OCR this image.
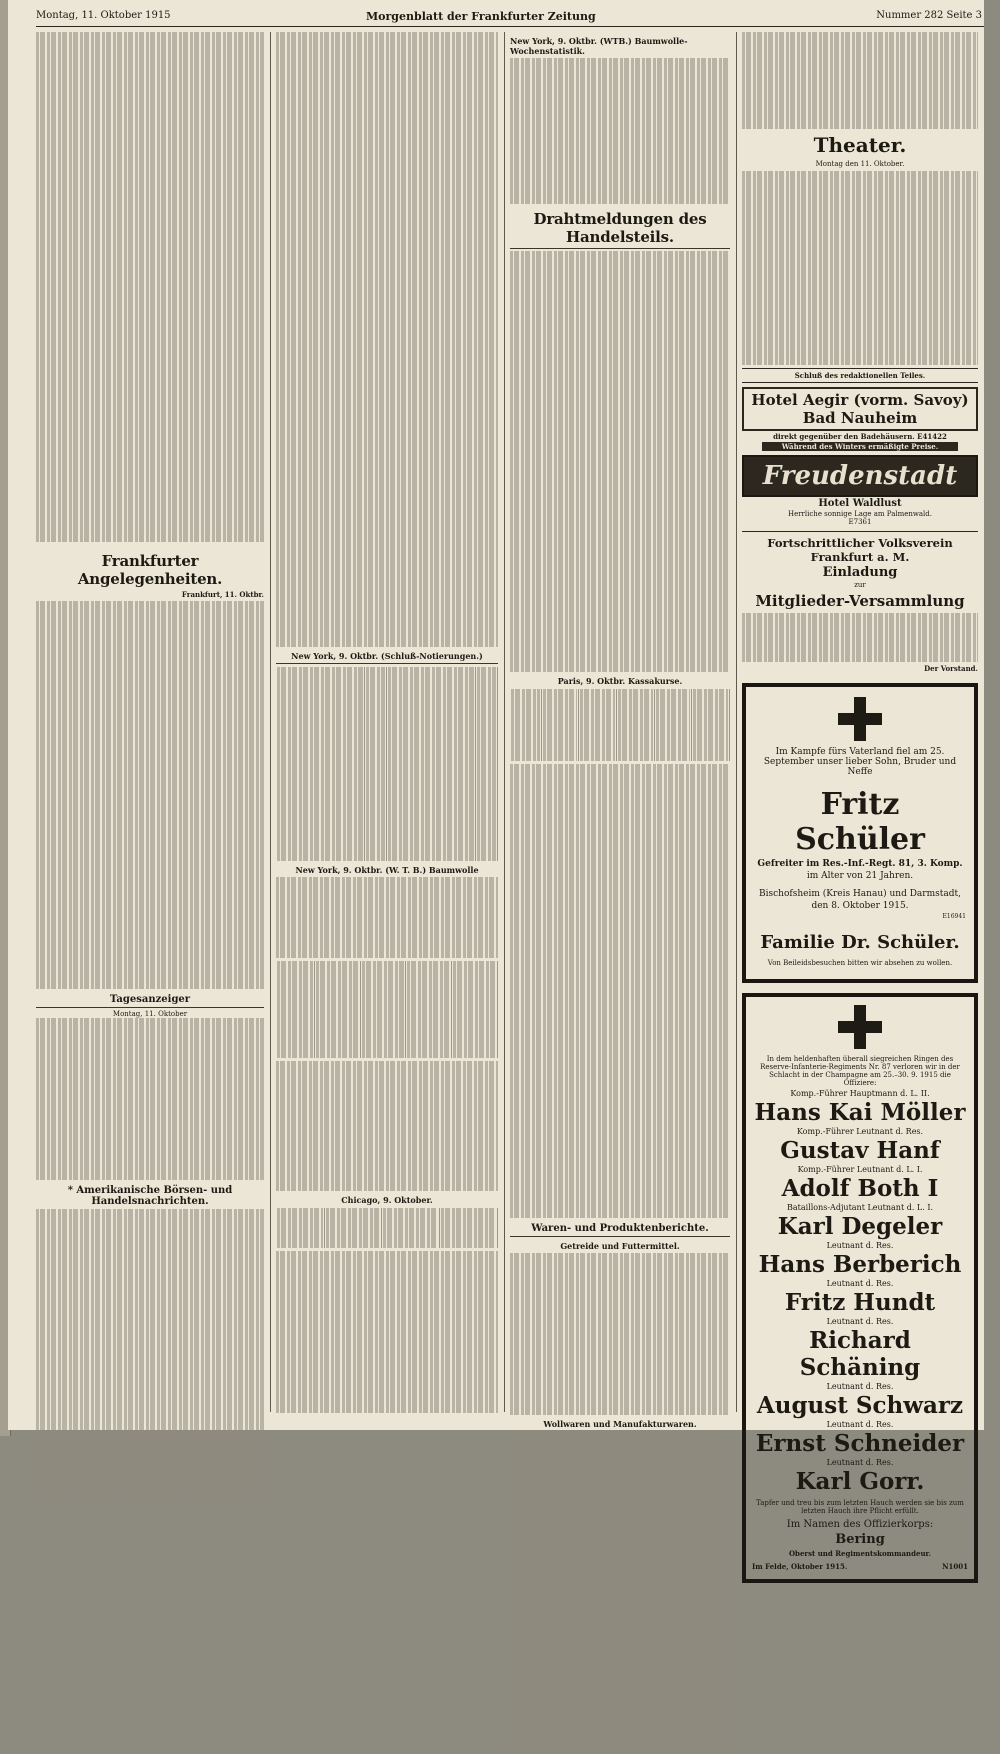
Montag, 11. Oktober 1915	Morgenblatt der Frankfurter Zeitung	Nummer 282 Seite 3
Frankfurter Angelegenheiten.
Frankfurt, 11. Oktbr.
Tagesanzeiger
Montag, 11. Oktober
* Amerikanische Börsen- und Handelsnachrichten.
New York, 9. Oktbr. (Schluß-Notierungen.)

New York, 9. Oktbr. (W. T. B.) Baumwolle

Chicago, 9. Oktober.

New York, 9. Oktbr. (WTB.) Baumwolle-Wochenstatistik.
Drahtmeldungen des Handelsteils.
Paris, 9. Oktbr. Kassakurse.

Waren- und Produktenberichte.
Getreide und Futtermittel.
Wollwaren und Manufakturwaren.
Theater.
Montag den 11. Oktober.
Schluß des redaktionellen Teiles.
Hotel Aegir (vorm. Savoy) Bad Nauheim
direkt gegenüber den Badehäusern. E41422
Während des Winters ermäßigte Preise.
Freudenstadt
Hotel Waldlust
Herrliche sonnige Lage am Palmenwald.
E7361
Fortschrittlicher Volksverein Frankfurt a. M.
Einladung
zur
Mitglieder-Versammlung
Der Vorstand.
Im Kampfe fürs Vaterland fiel am 25. September unser lieber Sohn, Bruder und Neffe
Fritz Schüler
Gefreiter im Res.-Inf.-Regt. 81, 3. Komp.
im Alter von 21 Jahren.
Bischofsheim (Kreis Hanau) und Darmstadt,
den 8. Oktober 1915.
E16941
Familie Dr. Schüler.
Von Beileidsbesuchen bitten wir absehen zu wollen.
In dem heldenhaften überall siegreichen Ringen des Reserve-Infanterie-Regiments Nr. 87 verloren wir in der Schlacht in der Champagne am 25.–30. 9. 1915 die Offiziere:
Komp.-Führer Hauptmann d. L. II.
Hans Kai Möller
Komp.-Führer Leutnant d. Res.
Gustav Hanf
Komp.-Führer Leutnant d. L. I.
Adolf Both I
Bataillons-Adjutant Leutnant d. L. I.
Karl Degeler
Leutnant d. Res.
Hans Berberich
Leutnant d. Res.
Fritz Hundt
Leutnant d. Res.
Richard Schäning
Leutnant d. Res.
August Schwarz
Leutnant d. Res.
Ernst Schneider
Leutnant d. Res.
Karl Gorr.
Tapfer und treu bis zum letzten Hauch werden sie bis zum letzten Hauch ihre Pflicht erfüllt.
Im Namen des Offizierkorps:
Bering
Oberst und Regimentskommandeur.
Im Felde, Oktober 1915.	N1001
